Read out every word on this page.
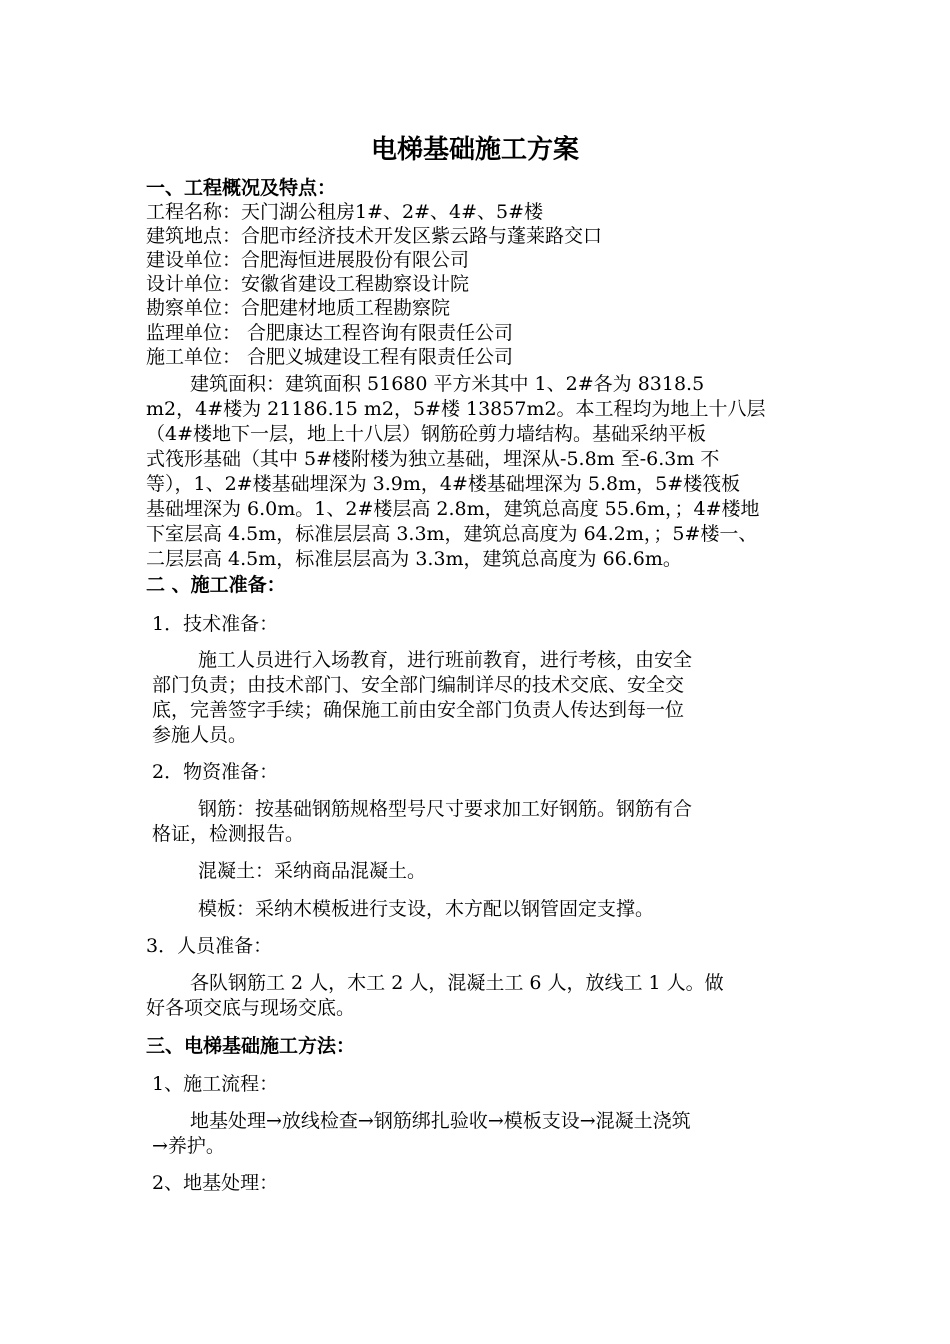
电梯基础施工方案

一、工程概况及特点：

工程名称：天门湖公租房1#、2#、4#、5#楼

建筑地点：合肥市经济技术开发区紫云路与蓬莱路交口

建设单位：合肥海恒进展股份有限公司

设计单位：安徽省建设工程勘察设计院

勘察单位：合肥建材地质工程勘察院

监理单位： 合肥康达工程咨询有限责任公司

施工单位： 合肥义城建设工程有限责任公司

建筑面积：建筑面积 51680 平方米其中 1、2#各为 8318.5

m2，4#楼为 21186.15 m2，5#楼 13857m2。本工程均为地上十八层

（4#楼地下一层，地上十八层）钢筋砼剪力墙结构。基础采纳平板

式筏形基础（其中 5#楼附楼为独立基础，埋深从-5.8m 至-6.3m 不

等），1、2#楼基础埋深为 3.9m，4#楼基础埋深为 5.8m，5#楼筏板

基础埋深为 6.0m。1、2#楼层高 2.8m，建筑总高度 55.6m，；4#楼地

下室层高 4.5m，标准层层高 3.3m，建筑总高度为 64.2m，；5#楼一、

二层层高 4.5m，标准层层高为 3.3m，建筑总高度为 66.6m。

二 、施工准备：

1．技术准备：

施工人员进行入场教育，进行班前教育，进行考核，由安全

部门负责；由技术部门、安全部门编制详尽的技术交底、安全交

底，完善签字手续；确保施工前由安全部门负责人传达到每一位

参施人员。

2．物资准备：

钢筋：按基础钢筋规格型号尺寸要求加工好钢筋。钢筋有合

格证，检测报告。

混凝土：采纳商品混凝土。

模板：采纳木模板进行支设，木方配以钢管固定支撑。

3．人员准备：

各队钢筋工 2 人，木工 2 人，混凝土工 6 人，放线工 1 人。做

好各项交底与现场交底。

三、电梯基础施工方法：

1、施工流程：

地基处理→放线检查→钢筋绑扎验收→模板支设→混凝土浇筑

→养护。

2、地基处理：
